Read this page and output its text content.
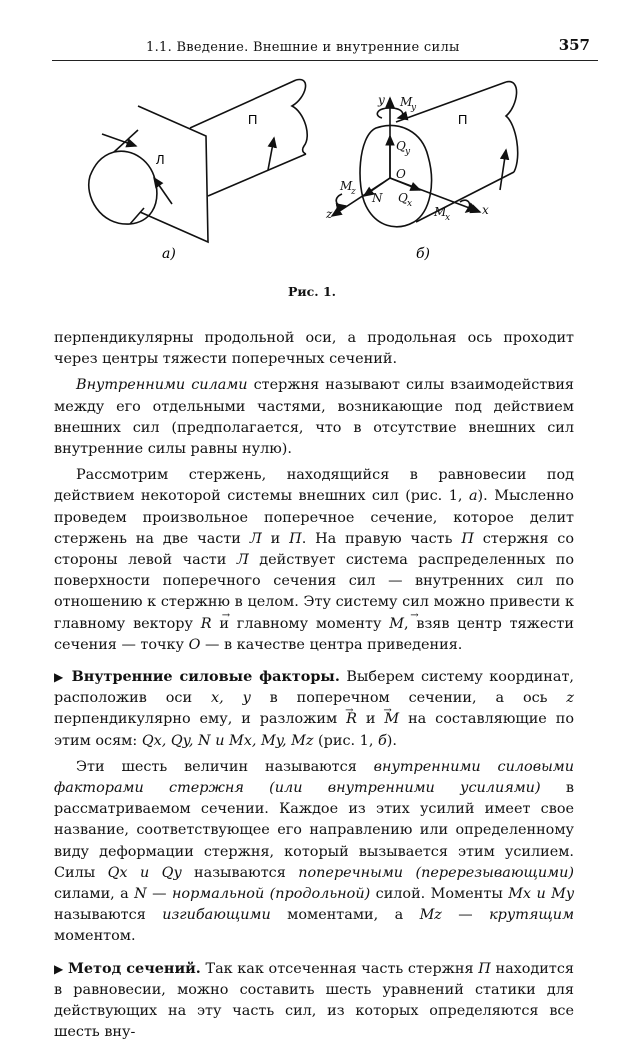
1.1. Введение. Внешние и внутренние силы	357
Л
П
а)
y M
y
Q y
O
M
z N Q x
z	M
x
x
П
б)
Рис. 1.

перпендикулярны продольной оси, а продольная ось проходит через центры тяжести поперечных сечений.

Внутренними силами стержня называют силы взаимодействия между его отдельными частями, возникающие под действием внешних сил (предполагается, что в отсутствие внешних сил внутренние силы равны нулю).

Рассмотрим стержень, находящийся в равновесии под действием некоторой системы внешних сил (рис. 1, а). Мысленно проведем произвольное поперечное сечение, которое делит стержень на две части Л и П. На правую часть П стержня со стороны левой части Л действует система распределенных по поверхности поперечного сечения сил — внутренних сил по отношению к стержню в целом. Эту систему сил можно привести к главному вектору → R и главному моменту → M, взяв центр тяжести сечения — точку O — в качестве центра приведения.

▶ Внутренние силовые факторы. Выберем систему координат, расположив оси x, y в поперечном сечении, а ось z перпендикулярно ему, и разложим → R и → M на составляющие по этим осям: Qx, Qy, N и Mx, My, Mz (рис. 1, б).

Эти шесть величин называются внутренними силовыми факторами стержня (или внутренними усилиями) в рассматриваемом сечении. Каждое из этих усилий имеет свое название, соответствующее его направлению или определенному виду деформации стержня, который вызывается этим усилием. Силы Qx и Qy называются поперечными (перерезывающими) силами, а N — нормальной (продольной) силой. Моменты Mx и My называются изгибающими моментами, а Mz — крутящим моментом.

▶ Метод сечений. Так как отсеченная часть стержня П находится в равновесии, можно составить шесть уравнений статики для действующих на эту часть сил, из которых определяются все шесть вну-
